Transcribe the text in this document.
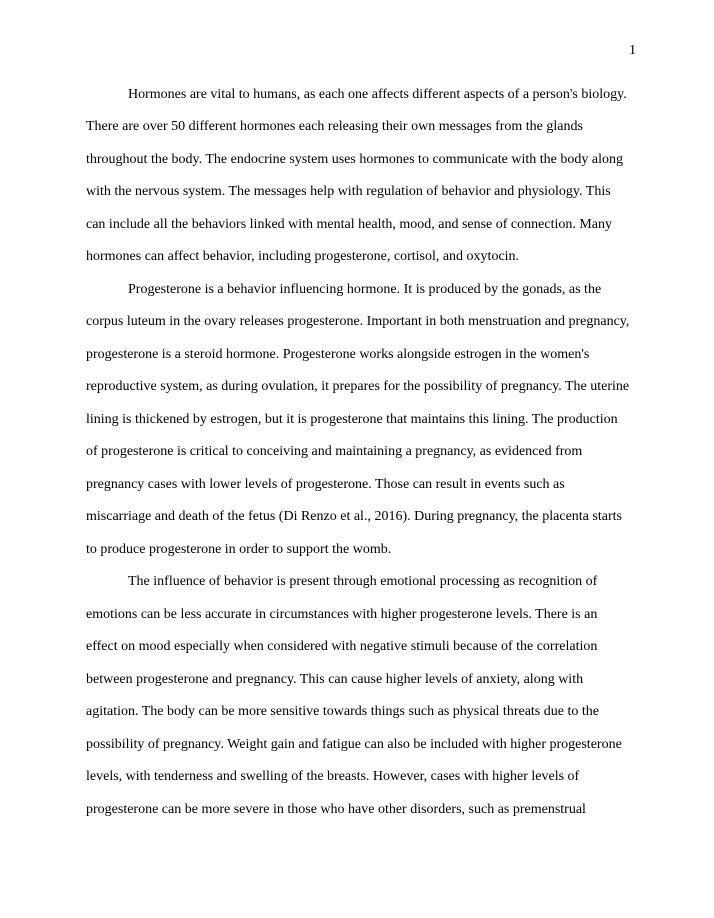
1
Hormones are vital to humans, as each one affects different aspects of a person's biology.
There are over 50 different hormones each releasing their own messages from the glands
throughout the body. The endocrine system uses hormones to communicate with the body along
with the nervous system. The messages help with regulation of behavior and physiology. This
can include all the behaviors linked with mental health, mood, and sense of connection. Many
hormones can affect behavior, including progesterone, cortisol, and oxytocin.
Progesterone is a behavior influencing hormone. It is produced by the gonads, as the
corpus luteum in the ovary releases progesterone. Important in both menstruation and pregnancy,
progesterone is a steroid hormone. Progesterone works alongside estrogen in the women's
reproductive system, as during ovulation, it prepares for the possibility of pregnancy. The uterine
lining is thickened by estrogen, but it is progesterone that maintains this lining. The production
of progesterone is critical to conceiving and maintaining a pregnancy, as evidenced from
pregnancy cases with lower levels of progesterone. Those can result in events such as
miscarriage and death of the fetus (Di Renzo et al., 2016). During pregnancy, the placenta starts
to produce progesterone in order to support the womb.
The influence of behavior is present through emotional processing as recognition of
emotions can be less accurate in circumstances with higher progesterone levels. There is an
effect on mood especially when considered with negative stimuli because of the correlation
between progesterone and pregnancy. This can cause higher levels of anxiety, along with
agitation. The body can be more sensitive towards things such as physical threats due to the
possibility of pregnancy. Weight gain and fatigue can also be included with higher progesterone
levels, with tenderness and swelling of the breasts. However, cases with higher levels of
progesterone can be more severe in those who have other disorders, such as premenstrual
